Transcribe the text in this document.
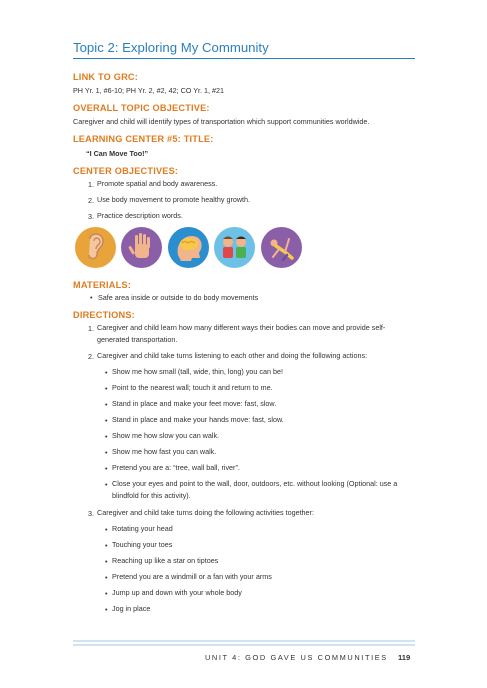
Topic 2: Exploring My Community
LINK TO GRC:
PH Yr. 1, #6-10; PH Yr. 2, #2, 42; CO Yr. 1, #21
OVERALL TOPIC OBJECTIVE:
Caregiver and child will identify types of transportation which support communities worldwide.
LEARNING CENTER #5: TITLE:
“I Can Move Too!”
CENTER OBJECTIVES:
1. Promote spatial and body awareness.
2. Use body movement to promote healthy growth.
3. Practice description words.
MATERIALS:
• Safe area inside or outside to do body movements
DIRECTIONS:
1. Caregiver and child learn how many different ways their bodies can move and provide self-
generated transportation.
2. Caregiver and child take turns listening to each other and doing the following actions:
• Show me how small (tall, wide, thin, long) you can be!
• Point to the nearest wall; touch it and return to me.
• Stand in place and make your feet move: fast, slow.
• Stand in place and make your hands move: fast, slow.
• Show me how slow you can walk.
• Show me how fast you can walk.
• Pretend you are a: “tree, wall ball, river”.
• Close your eyes and point to the wall, door, outdoors, etc. without looking (Optional: use a
blindfold for this activity).
3. Caregiver and child take turns doing the following activities together:
• Rotating your head
• Touching your toes
• Reaching up like a star on tiptoes
• Pretend you are a windmill or a fan with your arms
• Jump up and down with your whole body
• Jog in place
UNIT 4: GOD GAVE US COMMUNITIES 119
